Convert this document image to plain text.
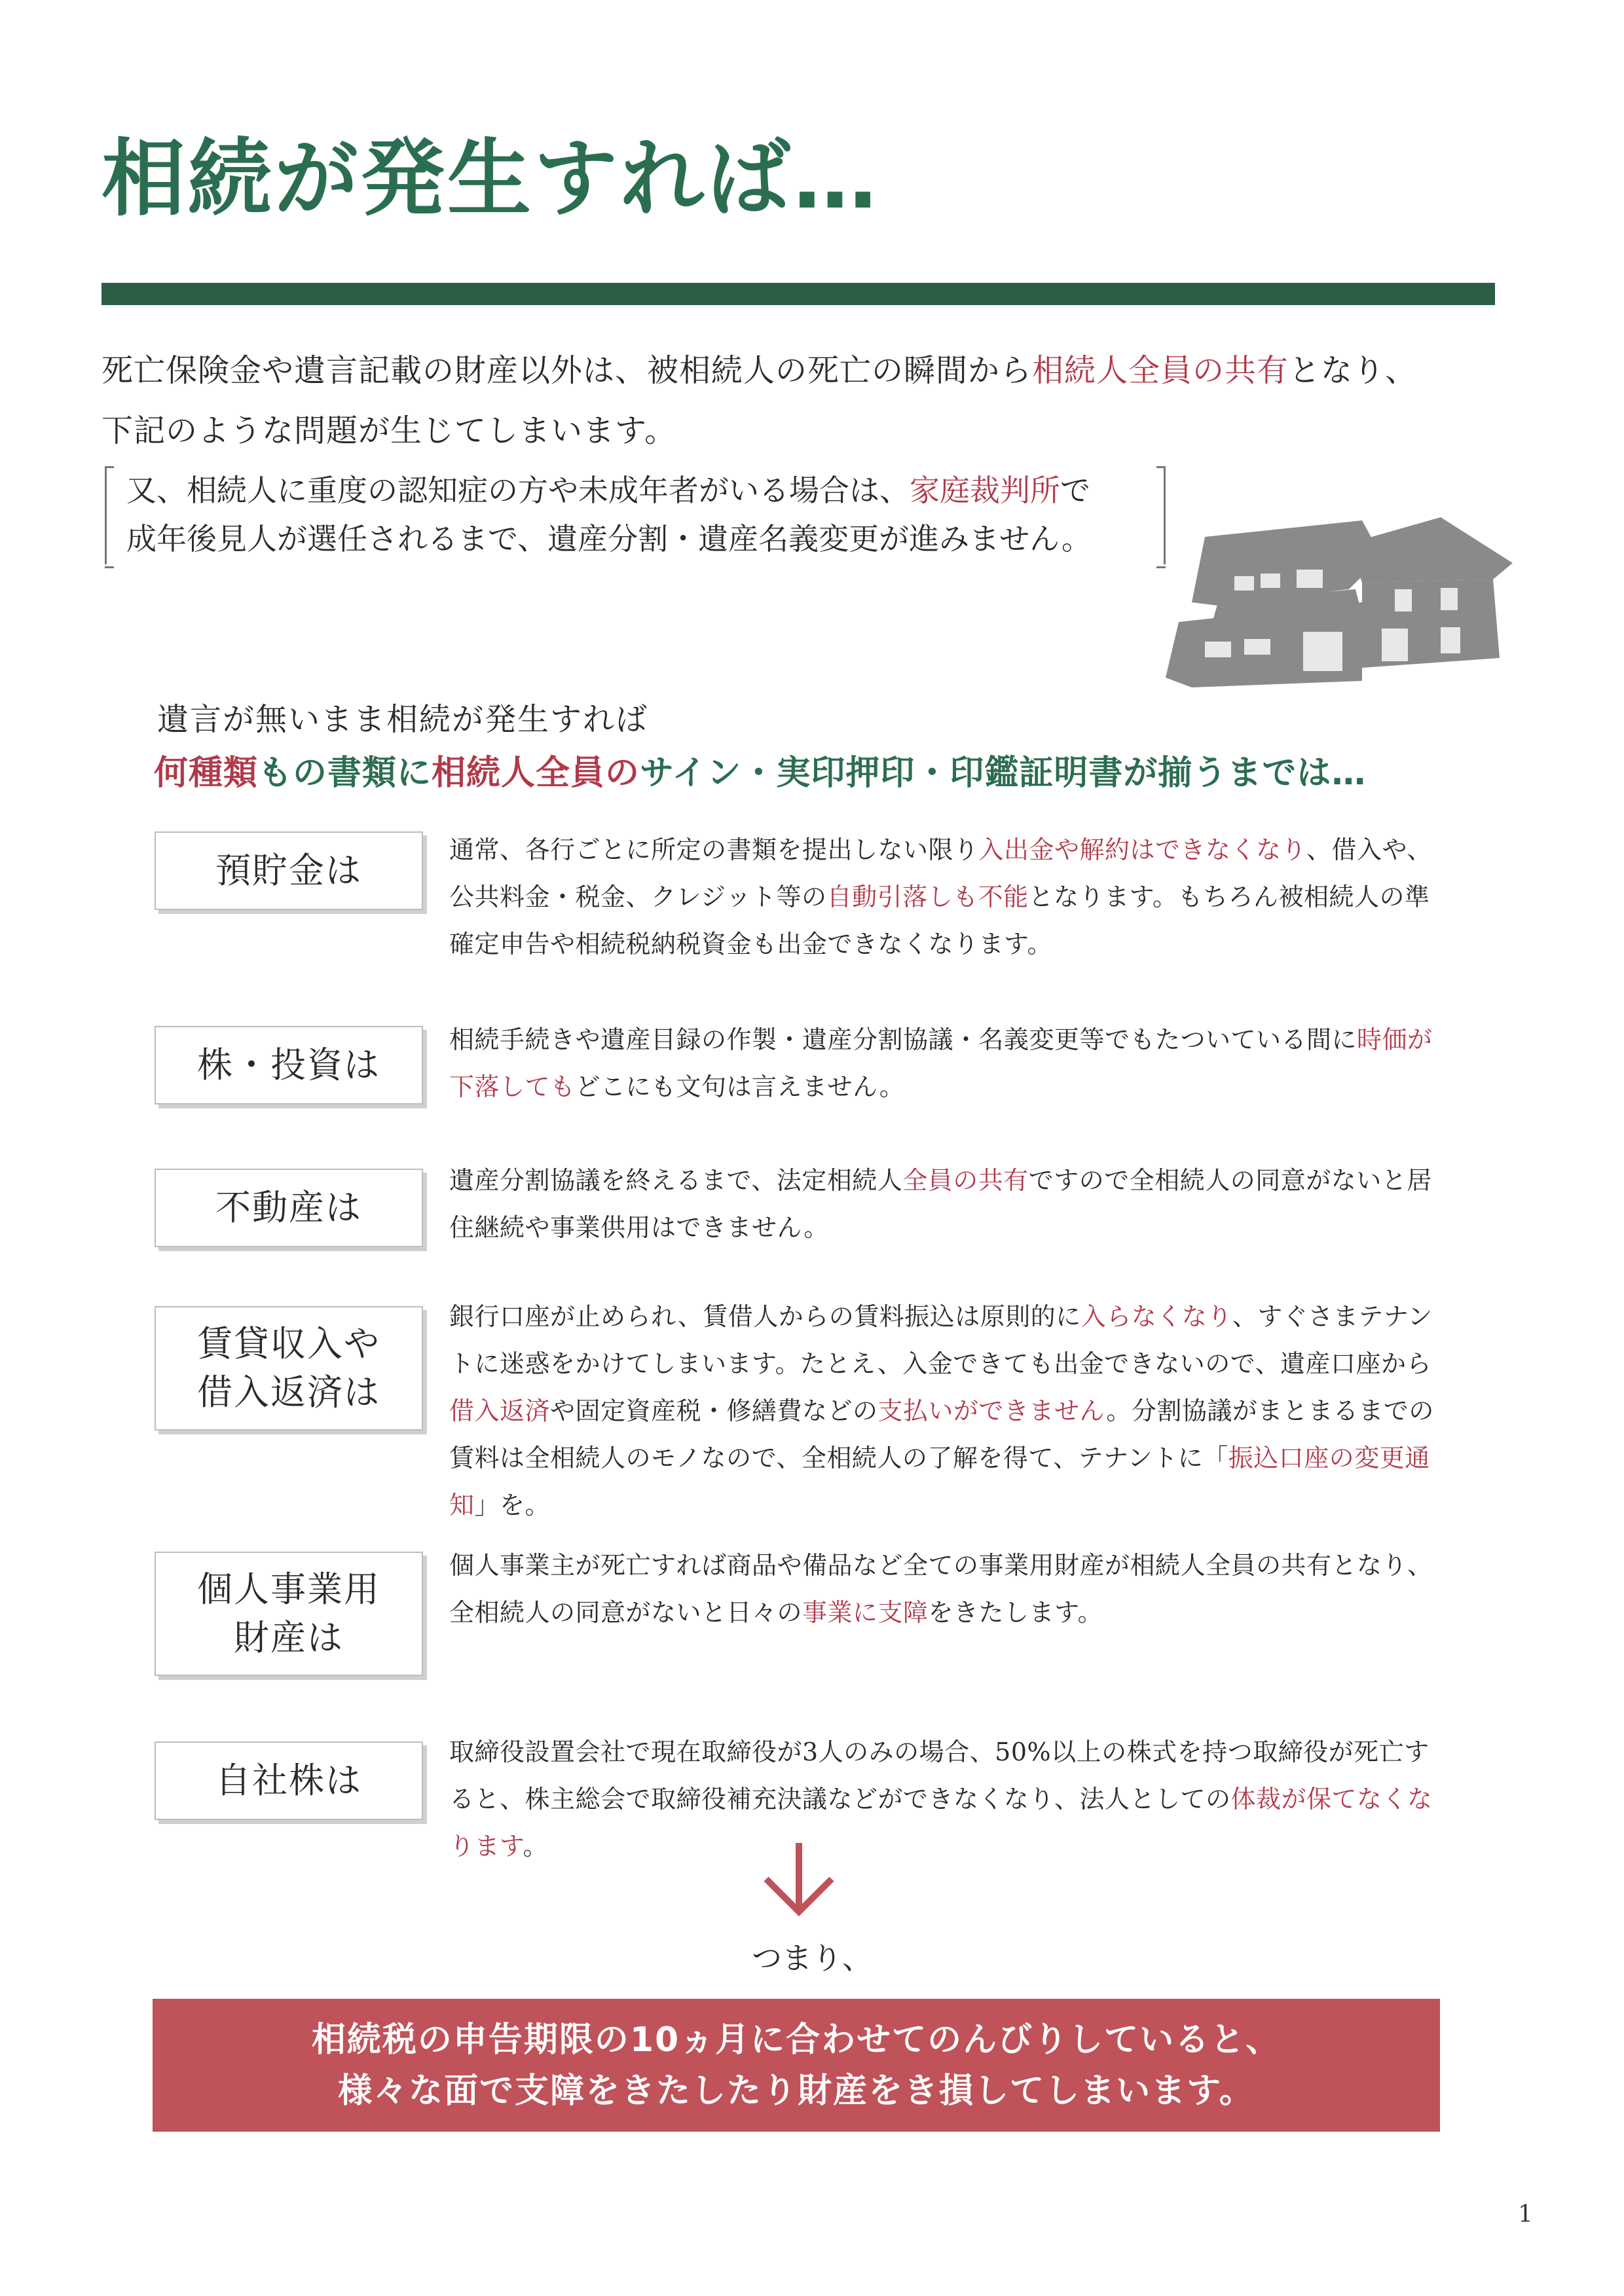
相続が発生すれば…
死亡保険金や遺言記載の財産以外は、被相続人の死亡の瞬間から相続人全員の共有となり、
下記のような問題が生じてしまいます。
又、相続人に重度の認知症の方や未成年者がいる場合は、家庭裁判所で
成年後見人が選任されるまで、遺産分割・遺産名義変更が進みません。
遺言が無いまま相続が発生すれば
何種類もの書類に相続人全員のサイン・実印押印・印鑑証明書が揃うまでは…
預貯金は	通常、各行ごとに所定の書類を提出しない限り入出金や解約はできなくなり、借入や、公共料金・税金、クレジット等の自動引落しも不能となります。もちろん被相続人の準確定申告や相続税納税資金も出金できなくなります。
株・投資は
相続手続きや遺産目録の作製・遺産分割協議・名義変更等でもたついている間に時価が下落してもどこにも文句は言えません。
不動産は
遺産分割協議を終えるまで、法定相続人全員の共有ですので全相続人の同意がないと居住継続や事業供用はできません。
賃貸収入や
借入返済は
銀行口座が止められ、賃借人からの賃料振込は原則的に入らなくなり、すぐさまテナントに迷惑をかけてしまいます。たとえ、入金できても出金できないので、遺産口座から借入返済や固定資産税・修繕費などの支払いができません。分割協議がまとまるまでの賃料は全相続人のモノなので、全相続人の了解を得て、テナントに「振込口座の変更通知」を。
個人事業用
財産は
個人事業主が死亡すれば商品や備品など全ての事業用財産が相続人全員の共有となり、全相続人の同意がないと日々の事業に支障をきたします。
自社株は
取締役設置会社で現在取締役が3人のみの場合、50%以上の株式を持つ取締役が死亡すると、株主総会で取締役補充決議などができなくなり、法人としての体裁が保てなくなります。
つまり、
相続税の申告期限の10ヵ月に合わせてのんびりしていると、
様々な面で支障をきたしたり財産をき損してしまいます。
1
